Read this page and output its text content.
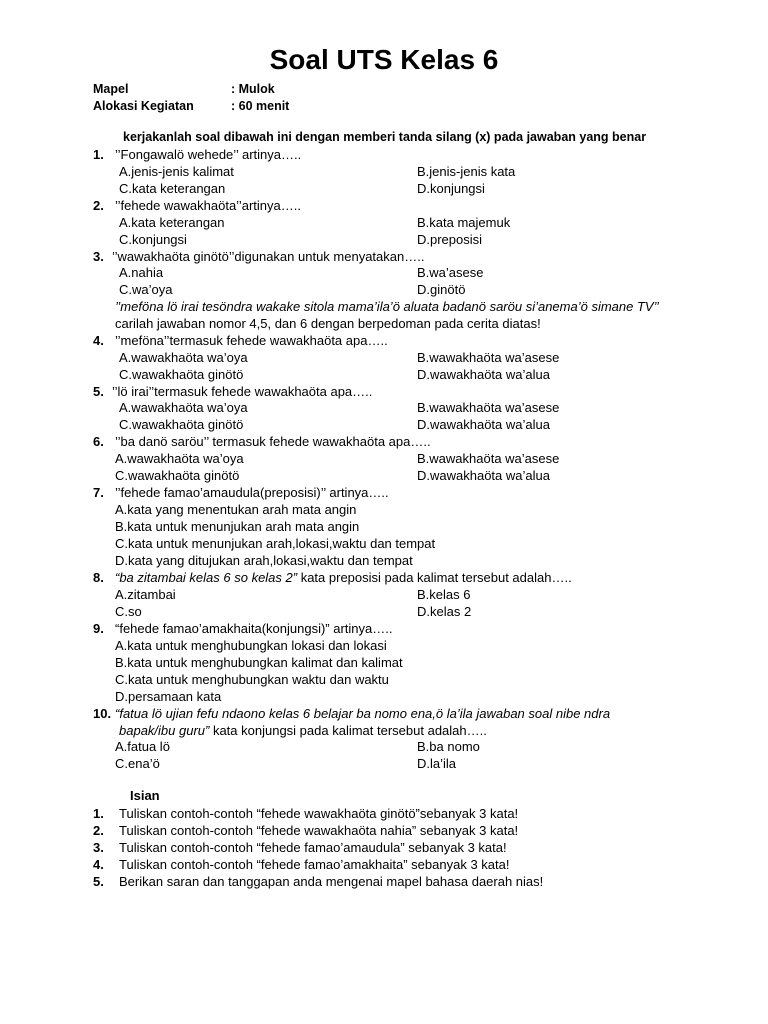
Soal UTS Kelas 6
Mapel	: Mulok
Alokasi Kegiatan	: 60 menit
kerjakanlah soal dibawah ini dengan memberi tanda silang (x) pada jawaban yang benar
1. ’’Fongawalö wehede’’ artinya…..
A.jenis-jenis kalimat	B.jenis-jenis kata
C.kata keterangan	D.konjungsi
2. ’’fehede wawakhaöta’’artinya…..
A.kata keterangan	B.kata majemuk
C.konjungsi	D.preposisi
3. ’’wawakhaöta ginötö’’digunakan untuk menyatakan…..
A.nahia	B.wa’asese
C.wa’oya	D.ginötö
’’meföna lö irai tesöndra wakake sitola mama’ila’ö aluata badanö saröu si’anema’ö simane TV’’
carilah jawaban nomor 4,5, dan 6 dengan berpedoman pada cerita diatas!
4. ’’meföna’’termasuk fehede wawakhaöta apa…..
A.wawakhaöta wa’oya	B.wawakhaöta wa’asese
C.wawakhaöta ginötö	D.wawakhaöta wa’alua
5. ’’lö irai’’termasuk fehede wawakhaöta apa…..
A.wawakhaöta wa’oya	B.wawakhaöta wa’asese
C.wawakhaöta ginötö	D.wawakhaöta wa’alua
6. ’’ba danö saröu’’ termasuk fehede wawakhaöta apa…..
A.wawakhaöta wa’oya	B.wawakhaöta wa’asese
C.wawakhaöta ginötö	D.wawakhaöta wa’alua
7. ’’fehede famao’amaudula(preposisi)’’ artinya…..
A.kata yang menentukan arah mata angin
B.kata untuk menunjukan arah mata angin
C.kata untuk menunjukan arah,lokasi,waktu dan tempat
D.kata yang ditujukan arah,lokasi,waktu dan tempat
8. “ba zitambai kelas 6 so kelas 2” kata preposisi pada kalimat tersebut adalah…..
A.zitambai	B.kelas 6
C.so	D.kelas 2
9. “fehede famao’amakhaita(konjungsi)” artinya…..
A.kata untuk menghubungkan lokasi dan lokasi
B.kata untuk menghubungkan kalimat dan kalimat
C.kata untuk menghubungkan waktu dan waktu
D.persamaan kata
10. “fatua lö ujian fefu ndaono kelas 6 belajar ba nomo ena,ö la’ila jawaban soal nibe ndra
bapak/ibu guru” kata konjungsi pada kalimat tersebut adalah…..
A.fatua lö	B.ba nomo
C.ena’ö	D.la’ila
Isian
1. Tuliskan contoh-contoh “fehede wawakhaöta ginötö”sebanyak 3 kata!
2. Tuliskan contoh-contoh “fehede wawakhaöta nahia” sebanyak 3 kata!
3. Tuliskan contoh-contoh “fehede famao’amaudula” sebanyak 3 kata!
4. Tuliskan contoh-contoh “fehede famao’amakhaita” sebanyak 3 kata!
5. Berikan saran dan tanggapan anda mengenai mapel bahasa daerah nias!
